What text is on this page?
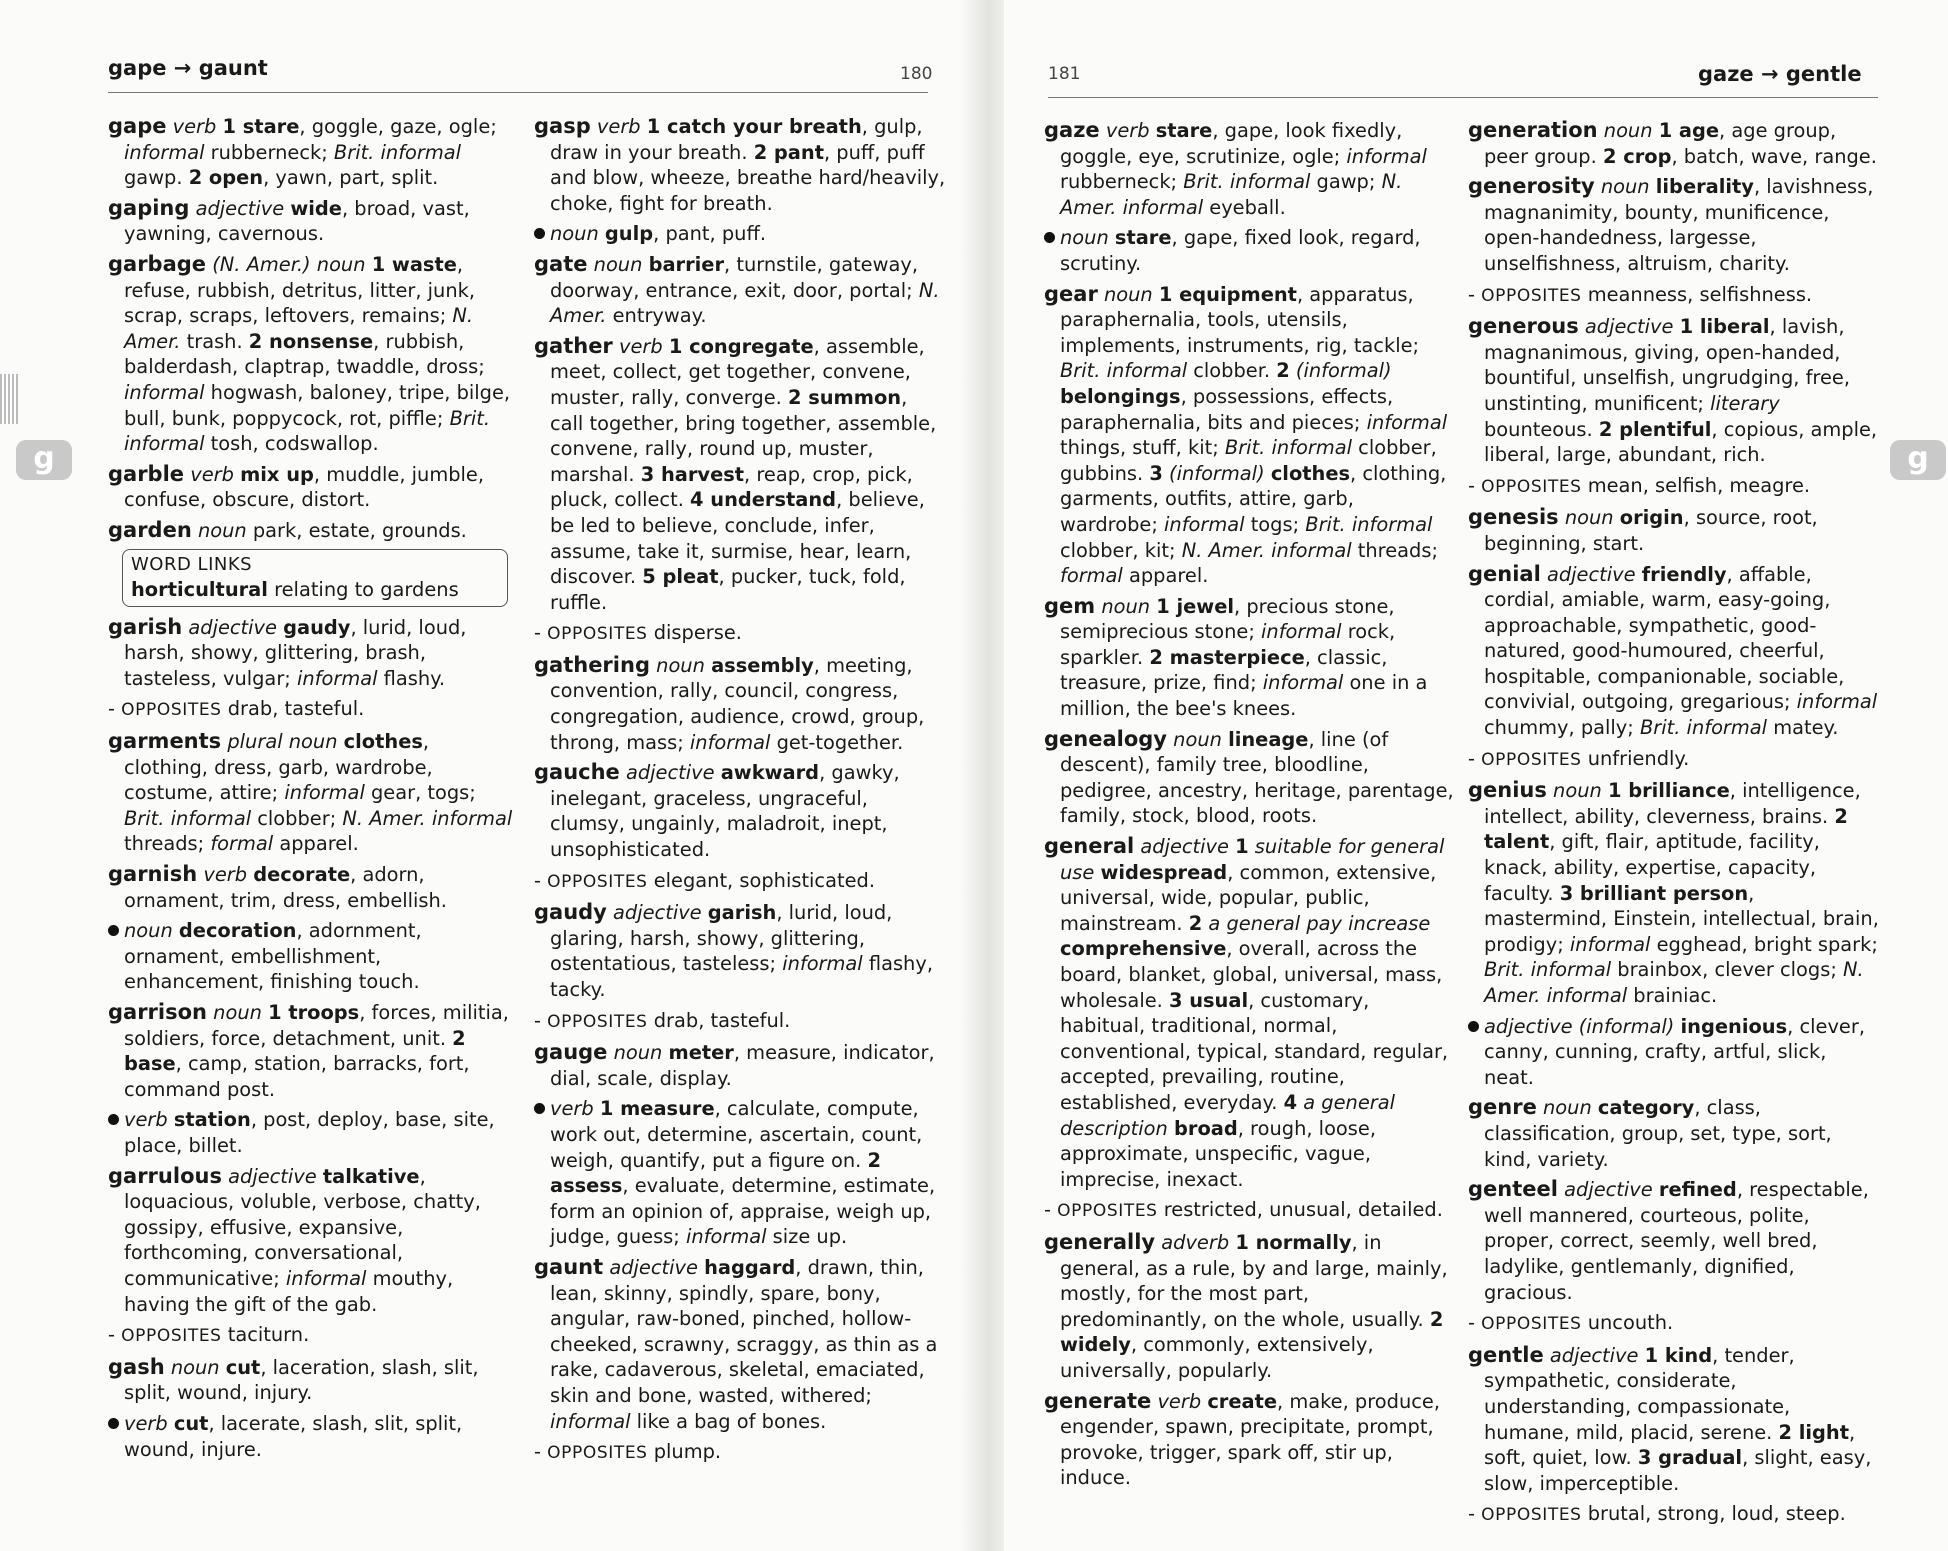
gape → gaunt	180
g

gape verb 1 stare, goggle, gaze, ogle; informal rubberneck; Brit. informal gawp. 2 open, yawn, part, split.

gaping adjective wide, broad, vast, yawning, cavernous.

garbage (N. Amer.) noun 1 waste, refuse, rubbish, detritus, litter, junk, scrap, scraps, leftovers, remains; N. Amer. trash. 2 nonsense, rubbish, balderdash, claptrap, twaddle, dross; informal hogwash, baloney, tripe, bilge, bull, bunk, poppycock, rot, piffle; Brit. informal tosh, codswallop.

garble verb mix up, muddle, jumble, confuse, obscure, distort.

garden noun park, estate, grounds.

WORD LINKS
horticultural relating to gardens

garish adjective gaudy, lurid, loud, harsh, showy, glittering, brash, tasteless, vulgar; informal flashy.

- OPPOSITES drab, tasteful.

garments plural noun clothes, clothing, dress, garb, wardrobe, costume, attire; informal gear, togs; Brit. informal clobber; N. Amer. informal threads; formal apparel.

garnish verb decorate, adorn, ornament, trim, dress, embellish.

noun decoration, adornment, ornament, embellishment, enhancement, finishing touch.

garrison noun 1 troops, forces, militia, soldiers, force, detachment, unit. 2 base, camp, station, barracks, fort, command post.

verb station, post, deploy, base, site, place, billet.

garrulous adjective talkative, loquacious, voluble, verbose, chatty, gossipy, effusive, expansive, forthcoming, conversational, communicative; informal mouthy, having the gift of the gab.

- OPPOSITES taciturn.

gash noun cut, laceration, slash, slit, split, wound, injury.

verb cut, lacerate, slash, slit, split, wound, injure.

gasp verb 1 catch your breath, gulp, draw in your breath. 2 pant, puff, puff and blow, wheeze, breathe hard/heavily, choke, fight for breath.

noun gulp, pant, puff.

gate noun barrier, turnstile, gateway, doorway, entrance, exit, door, portal; N. Amer. entryway.

gather verb 1 congregate, assemble, meet, collect, get together, convene, muster, rally, converge. 2 summon, call together, bring together, assemble, convene, rally, round up, muster, marshal. 3 harvest, reap, crop, pick, pluck, collect. 4 understand, believe, be led to believe, conclude, infer, assume, take it, surmise, hear, learn, discover. 5 pleat, pucker, tuck, fold, ruffle.

- OPPOSITES disperse.

gathering noun assembly, meeting, convention, rally, council, congress, congregation, audience, crowd, group, throng, mass; informal get-together.

gauche adjective awkward, gawky, inelegant, graceless, ungraceful, clumsy, ungainly, maladroit, inept, unsophisticated.

- OPPOSITES elegant, sophisticated.

gaudy adjective garish, lurid, loud, glaring, harsh, showy, glittering, ostentatious, tasteless; informal flashy, tacky.

- OPPOSITES drab, tasteful.

gauge noun meter, measure, indicator, dial, scale, display.

verb 1 measure, calculate, compute, work out, determine, ascertain, count, weigh, quantify, put a figure on. 2 assess, evaluate, determine, estimate, form an opinion of, appraise, weigh up, judge, guess; informal size up.

gaunt adjective haggard, drawn, thin, lean, skinny, spindly, spare, bony, angular, raw-boned, pinched, hollow-cheeked, scrawny, scraggy, as thin as a rake, cadaverous, skeletal, emaciated, skin and bone, wasted, withered; informal like a bag of bones.

- OPPOSITES plump.

181	gaze → gentle
g

gaze verb stare, gape, look fixedly, goggle, eye, scrutinize, ogle; informal rubberneck; Brit. informal gawp; N. Amer. informal eyeball.

noun stare, gape, fixed look, regard, scrutiny.

gear noun 1 equipment, apparatus, paraphernalia, tools, utensils, implements, instruments, rig, tackle; Brit. informal clobber. 2 (informal) belongings, possessions, effects, paraphernalia, bits and pieces; informal things, stuff, kit; Brit. informal clobber, gubbins. 3 (informal) clothes, clothing, garments, outfits, attire, garb, wardrobe; informal togs; Brit. informal clobber, kit; N. Amer. informal threads; formal apparel.

gem noun 1 jewel, precious stone, semiprecious stone; informal rock, sparkler. 2 masterpiece, classic, treasure, prize, find; informal one in a million, the bee's knees.

genealogy noun lineage, line (of descent), family tree, bloodline, pedigree, ancestry, heritage, parentage, family, stock, blood, roots.

general adjective 1 suitable for general use widespread, common, extensive, universal, wide, popular, public, mainstream. 2 a general pay increase comprehensive, overall, across the board, blanket, global, universal, mass, wholesale. 3 usual, customary, habitual, traditional, normal, conventional, typical, standard, regular, accepted, prevailing, routine, established, everyday. 4 a general description broad, rough, loose, approximate, unspecific, vague, imprecise, inexact.

- OPPOSITES restricted, unusual, detailed.

generally adverb 1 normally, in general, as a rule, by and large, mainly, mostly, for the most part, predominantly, on the whole, usually. 2 widely, commonly, extensively, universally, popularly.

generate verb create, make, produce, engender, spawn, precipitate, prompt, provoke, trigger, spark off, stir up, induce.

generation noun 1 age, age group, peer group. 2 crop, batch, wave, range.

generosity noun liberality, lavishness, magnanimity, bounty, munificence, open-handedness, largesse, unselfishness, altruism, charity.

- OPPOSITES meanness, selfishness.

generous adjective 1 liberal, lavish, magnanimous, giving, open-handed, bountiful, unselfish, ungrudging, free, unstinting, munificent; literary bounteous. 2 plentiful, copious, ample, liberal, large, abundant, rich.

- OPPOSITES mean, selfish, meagre.

genesis noun origin, source, root, beginning, start.

genial adjective friendly, affable, cordial, amiable, warm, easy-going, approachable, sympathetic, good-natured, good-humoured, cheerful, hospitable, companionable, sociable, convivial, outgoing, gregarious; informal chummy, pally; Brit. informal matey.

- OPPOSITES unfriendly.

genius noun 1 brilliance, intelligence, intellect, ability, cleverness, brains. 2 talent, gift, flair, aptitude, facility, knack, ability, expertise, capacity, faculty. 3 brilliant person, mastermind, Einstein, intellectual, brain, prodigy; informal egghead, bright spark; Brit. informal brainbox, clever clogs; N. Amer. informal brainiac.

adjective (informal) ingenious, clever, canny, cunning, crafty, artful, slick, neat.

genre noun category, class, classification, group, set, type, sort, kind, variety.

genteel adjective refined, respectable, well mannered, courteous, polite, proper, correct, seemly, well bred, ladylike, gentlemanly, dignified, gracious.

- OPPOSITES uncouth.

gentle adjective 1 kind, tender, sympathetic, considerate, understanding, compassionate, humane, mild, placid, serene. 2 light, soft, quiet, low. 3 gradual, slight, easy, slow, imperceptible.

- OPPOSITES brutal, strong, loud, steep.
